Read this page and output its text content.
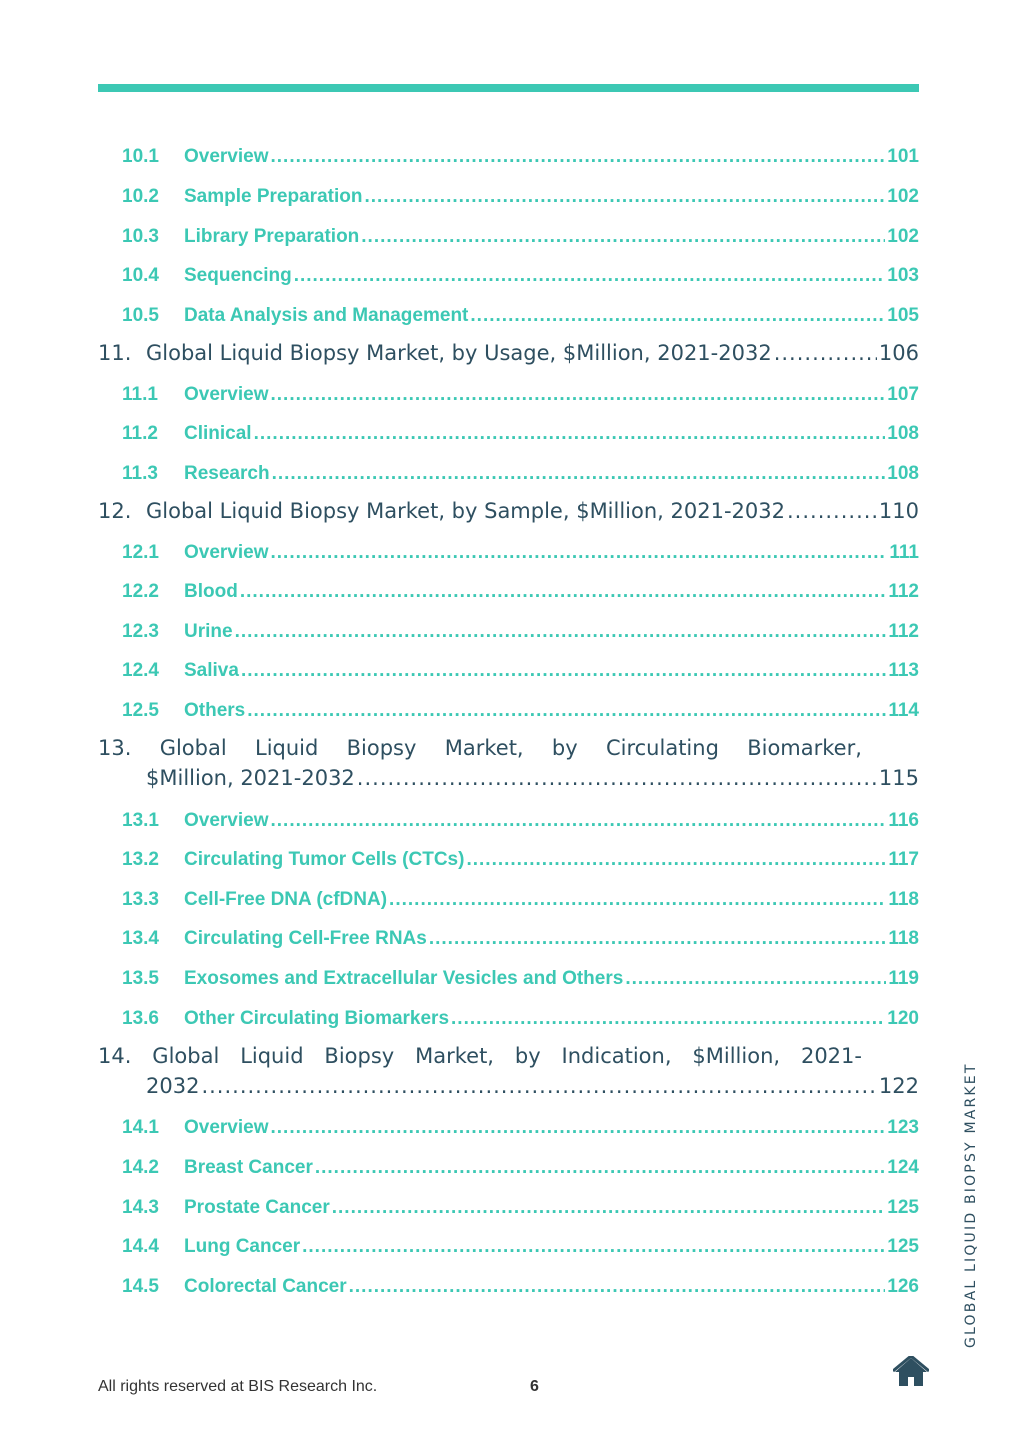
10.1	Overview .....	101
10.2	Sample Preparation .....	102
10.3	Library Preparation .....	102
10.4	Sequencing .....	103
10.5	Data Analysis and Management .....	105
11. Global Liquid Biopsy Market, by Usage, $Million, 2021-2032 .....	106
11.1	Overview .....	107
11.2	Clinical .....	108
11.3	Research .....	108
12. Global Liquid Biopsy Market, by Sample, $Million, 2021-2032 .....	110
12.1	Overview .....	111
12.2	Blood .....	112
12.3	Urine .....	112
12.4	Saliva .....	113
12.5	Others .....	114
13. Global Liquid Biopsy Market, by Circulating Biomarker,
$Million, 2021-2032 .....	115
13.1	Overview .....	116
13.2	Circulating Tumor Cells (CTCs) .....	117
13.3	Cell-Free DNA (cfDNA) .....	118
13.4	Circulating Cell-Free RNAs .....	118
13.5	Exosomes and Extracellular Vesicles and Others .....	119
13.6	Other Circulating Biomarkers .....	120
14. Global Liquid Biopsy Market, by Indication, $Million, 2021-
2032 .....	122
14.1	Overview .....	123
14.2	Breast Cancer .....	124
14.3	Prostate Cancer .....	125
14.4	Lung Cancer .....	125
14.5	Colorectal Cancer .....	126	GLOBAL LIQUID BIOPSY MARKET
All rights reserved at BIS Research Inc.	6
